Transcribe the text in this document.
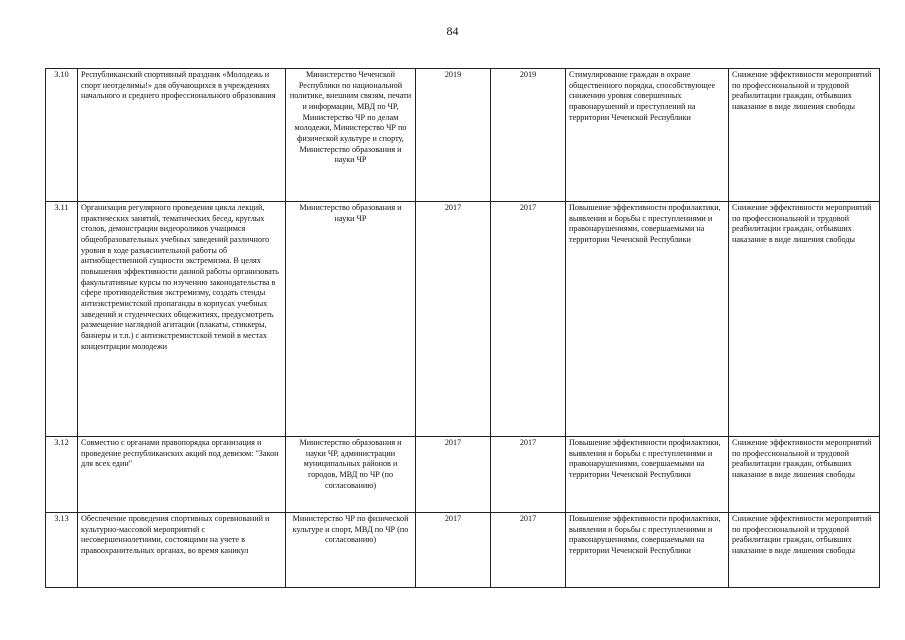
84
3.10	Республиканский спортивный праздник «Молодежь и спорт неотделимы!» для обучающихся в учреждениях начального и среднего профессионального образования	Министерство Чеченской Республики по национальной политике, внешним связям, печати и информации, МВД по ЧР, Министерство ЧР по делам молодежи, Министерство ЧР по физической культуре и спорту, Министерство образования и науки ЧР	2019	2019	Стимулирование граждан в охране общественного порядка, способствующее снижению уровня совершенных правонарушений и преступлений на территории Чеченской Республики	Снижение эффективности мероприятий по профессиональной и трудовой реабилитации граждан, отбывших наказание в виде лишения свободы
3.11	Организация регулярного проведения цикла лекций, практических занятий, тематических бесед, круглых столов, демонстрации видеороликов учащимся общеобразовательных учебных заведений различного уровня в ходе разъяснительной работы об антиобщественной сущности экстремизма. В целях повышения эффективности данной работы организовать факультативные курсы по изучению законодательства в сфере противодействия экстремизму, создать стенды антиэкстремистской пропаганды в корпусах учебных заведений и студенческих общежитиях, предусмотреть размещение наглядной агитации (плакаты, стиккеры, баннеры и т.п.) с антиэкстремистской темой в местах концентрации молодежи	Министерство образования и науки ЧР	2017	2017	Повышение эффективности профилактики, выявления и борьбы с преступлениями и правонарушениями, совершаемыми на территории Чеченской Республики	Снижение эффективности мероприятий по профессиональной и трудовой реабилитации граждан, отбывших наказание в виде лишения свободы
3.12	Совместно с органами правопорядка организация и проведение республиканских акций под девизом: "Закон для всех един"	Министерство образования и науки ЧР, администрации муниципальных районов и городов, МВД по ЧР (по согласованию)	2017	2017	Повышение эффективности профилактики, выявления и борьбы с преступлениями и правонарушениями, совершаемыми на территории Чеченской Республики	Снижение эффективности мероприятий по профессиональной и трудовой реабилитации граждан, отбывших наказание в виде лишения свободы
3.13	Обеспечение проведения спортивных соревнований и культурно-массовой мероприятий с несовершеннолетними, состоящими на учете в правоохранительных органах, во время каникул	Министерство ЧР по физической культуре и спорт, МВД по ЧР (по согласованию)	2017	2017	Повышение эффективности профилактики, выявления и борьбы с преступлениями и правонарушениями, совершаемыми на территории Чеченской Республики	Снижение эффективности мероприятий по профессиональной и трудовой реабилитации граждан, отбывших наказание в виде лишения свободы
